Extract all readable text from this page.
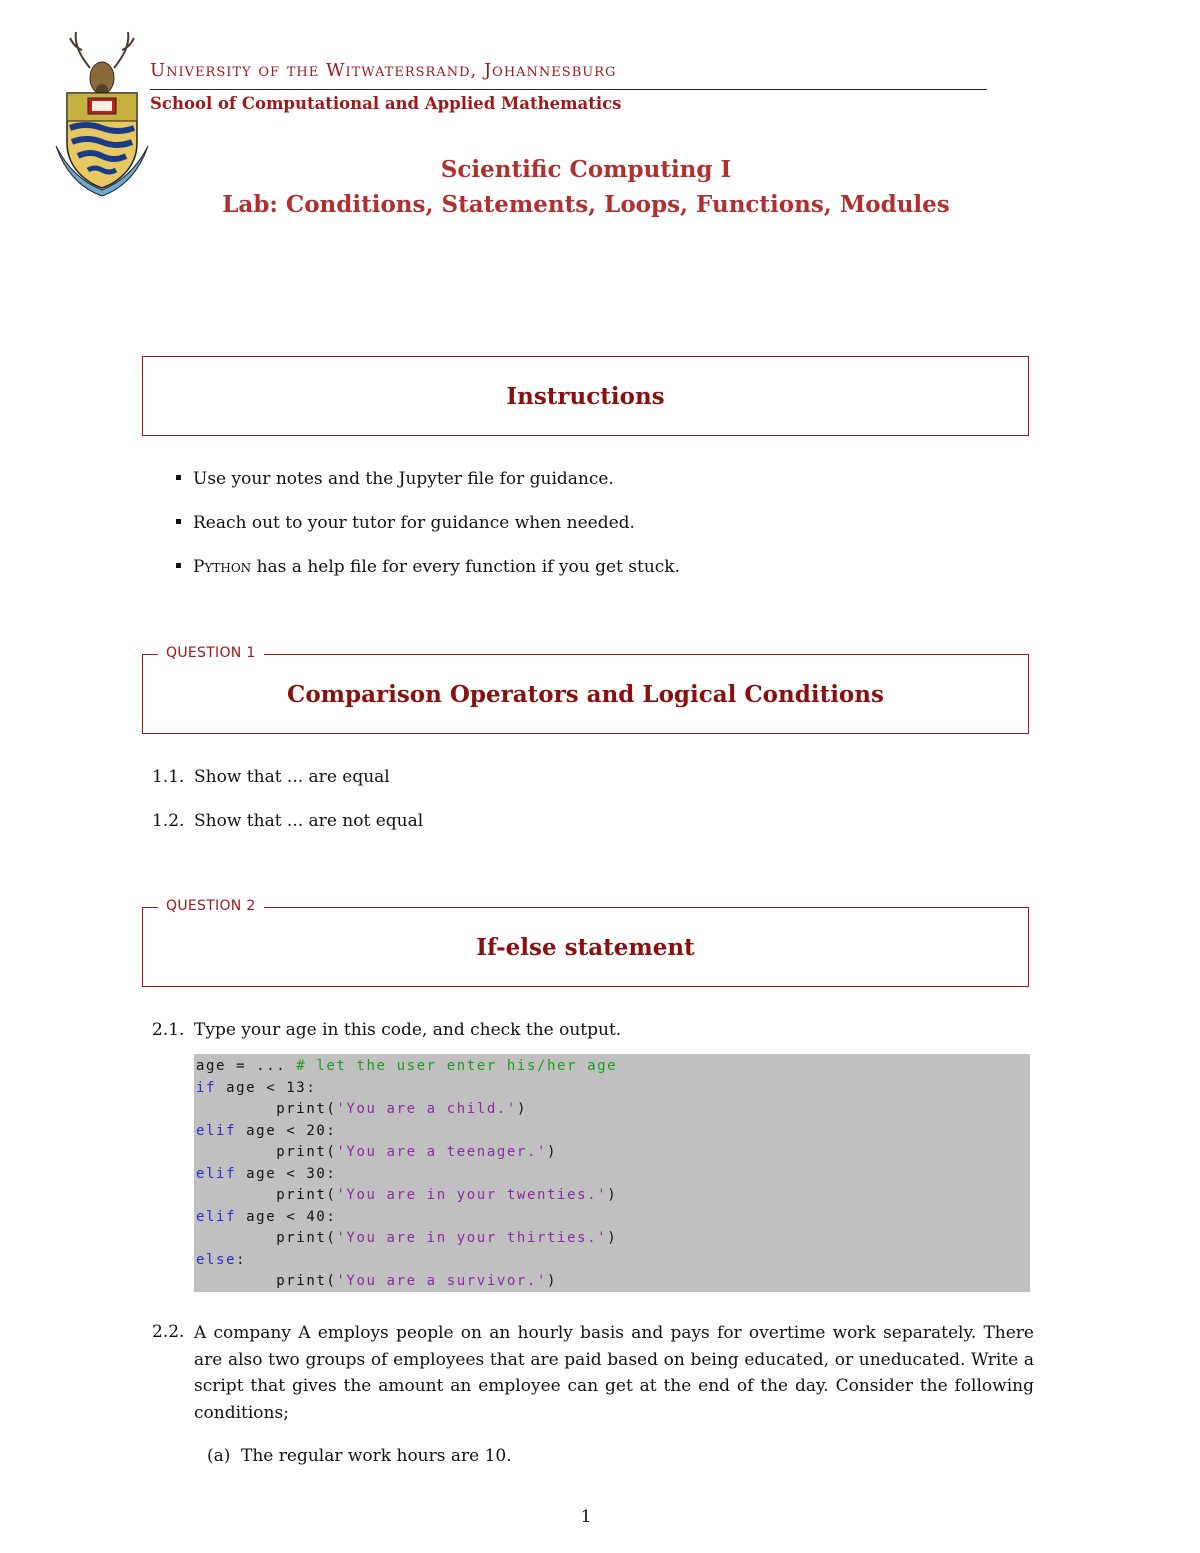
University of the Witwatersrand, Johannesburg
School of Computational and Applied Mathematics
Scientific Computing I
Lab: Conditions, Statements, Loops, Functions, Modules
Instructions
Use your notes and the Jupyter file for guidance.
Reach out to your tutor for guidance when needed.
Python has a help file for every function if you get stuck.
QUESTION 1
Comparison Operators and Logical Conditions
1.1. Show that ... are equal
1.2. Show that ... are not equal
QUESTION 2
If-else statement
2.1. Type your age in this code, and check the output.
age = ... # let the user enter his/her age
if age < 13:
print('You are a child.')
elif age < 20:
print('You are a teenager.')
elif age < 30:
print('You are in your twenties.')
elif age < 40:
print('You are in your thirties.')
else:
print('You are a survivor.')
2.2. A company A employs people on an hourly basis and pays for overtime work separately. There are also two groups of employees that are paid based on being educated, or uneducated. Write a script that gives the amount an employee can get at the end of the day. Consider the following conditions;
(a) The regular work hours are 10.
1
